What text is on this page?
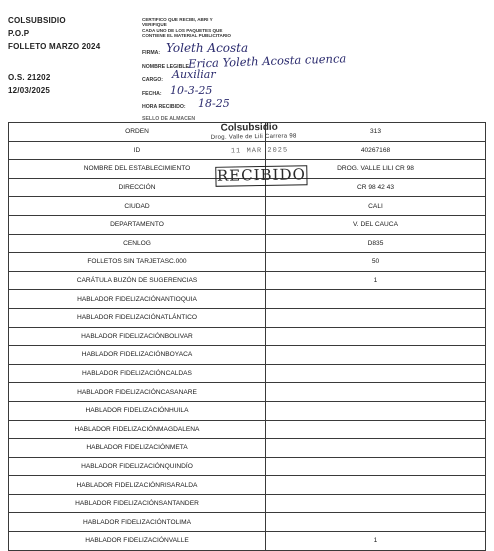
COLSUBSIDIO
P.O.P
FOLLETO MARZO 2024
O.S. 21202
12/03/2025
CERTIFICO QUE RECIBI, ABRI Y
VERIFIQUE
CADA UNO DE LOS PAQUETES QUE
CONTIENE EL MATERIAL PUBLICITARIO
FIRMA: Yoleth Acosta
NOMBRE LEGIBLE:
Erica Yoleth Acosta cuenca
CARGO: Auxiliar
FECHA: 10-3-25
HORA RECIBIDO: 18-25
SELLO DE ALMACEN
ORDEN	313
ID	40267168
NOMBRE DEL ESTABLECIMIENTO	DROG. VALLE LILI CR 98
DIRECCIÓN	CR 98 42 43
CIUDAD	CALI
DEPARTAMENTO	V. DEL CAUCA
CENLOG	D835
FOLLETOS SIN TARJETASC.000	50
CARÁTULA BUZÓN DE SUGERENCIAS	1
HABLADOR FIDELIZACIÓNANTIOQUIA	
HABLADOR FIDELIZACIÓNATLÁNTICO	
HABLADOR FIDELIZACIÓNBOLIVAR	
HABLADOR FIDELIZACIÓNBOYACA	
HABLADOR FIDELIZACIÓNCALDAS	
HABLADOR FIDELIZACIÓNCASANARE	
HABLADOR FIDELIZACIÓNHUILA	
HABLADOR FIDELIZACIÓNMAGDALENA	
HABLADOR FIDELIZACIÓNMETA	
HABLADOR FIDELIZACIÓNQUINDÍO	
HABLADOR FIDELIZACIÓNRISARALDA	
HABLADOR FIDELIZACIÓNSANTANDER	
HABLADOR FIDELIZACIÓNTOLIMA	
HABLADOR FIDELIZACIÓNVALLE	1
Colsubsidio
Drog. Valle de Lili Carrera 98
11 MAR 2025
RECIBIDO
